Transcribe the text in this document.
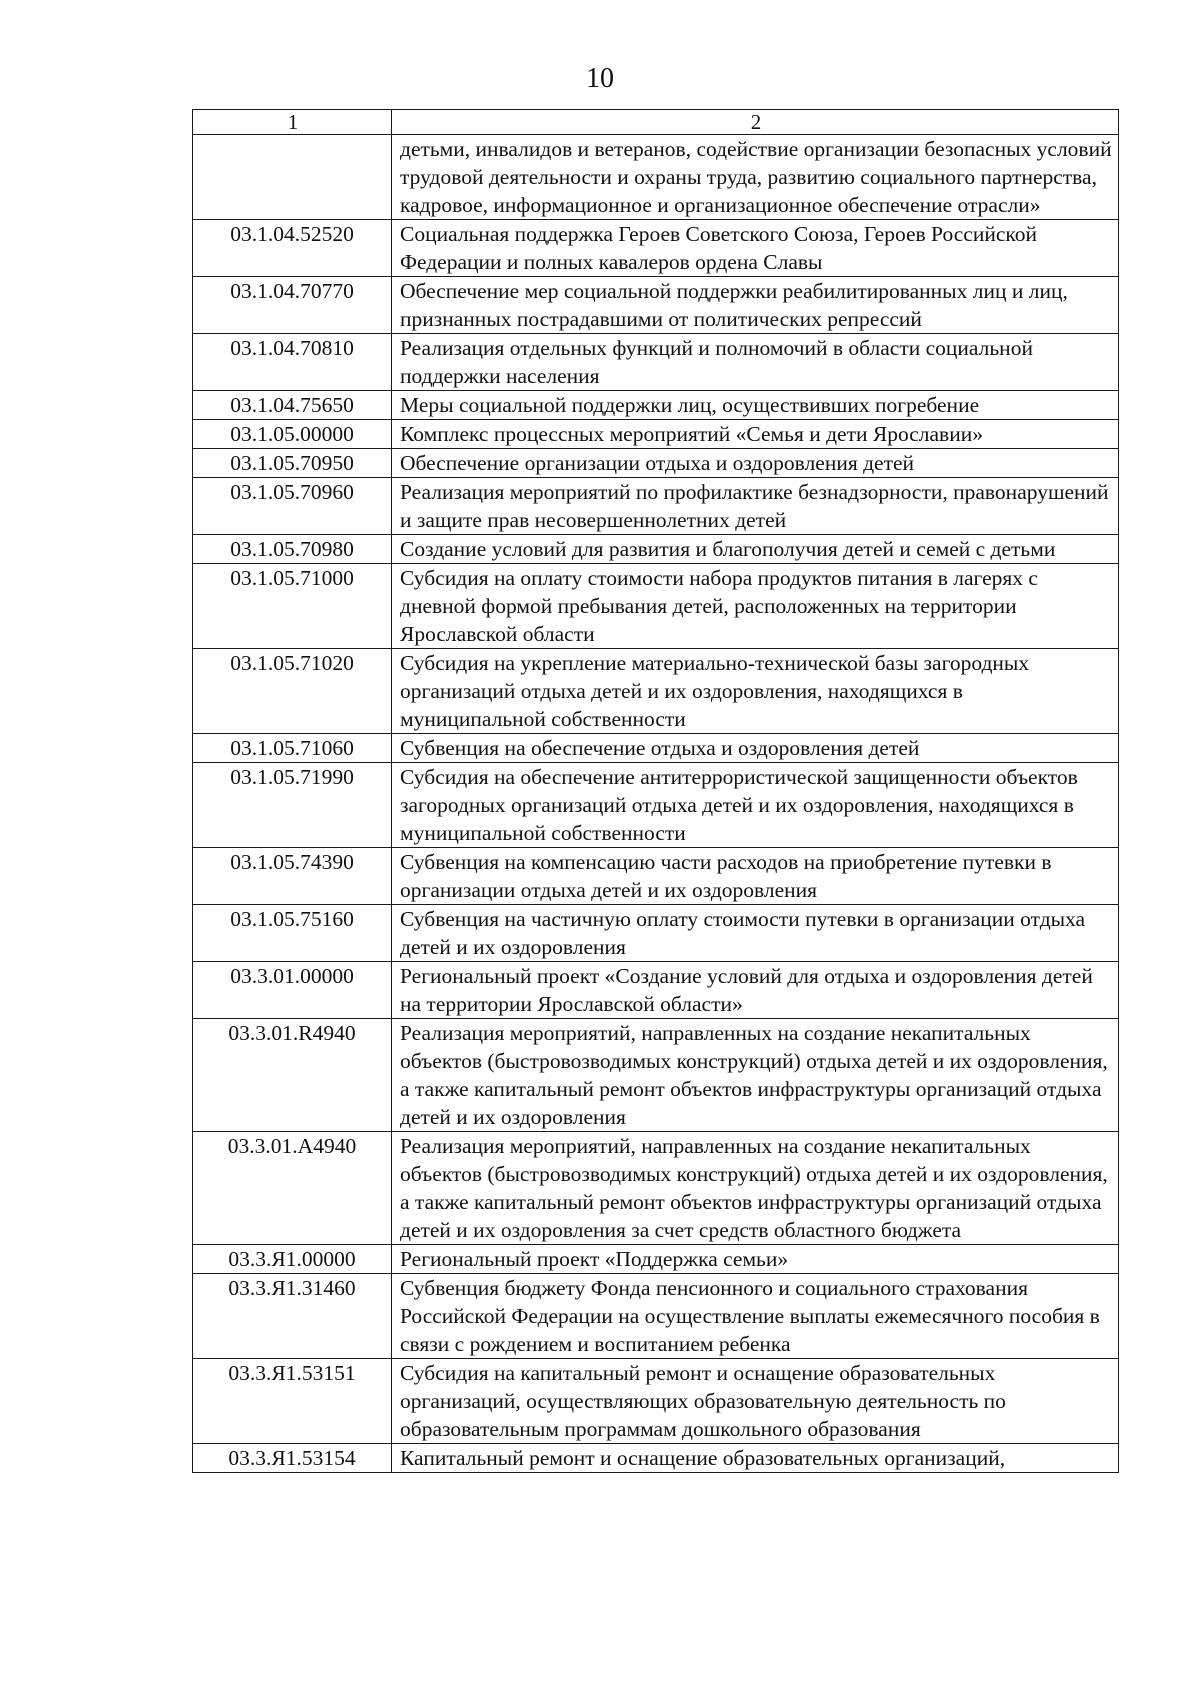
10
1	2
	детьми, инвалидов и ветеранов, содействие организации безопасных условий трудовой деятельности и охраны труда, развитию социального партнерства, кадровое, информационное и организационное обеспечение отрасли»
03.1.04.52520	Социальная поддержка Героев Советского Союза, Героев Российской Федерации и полных кавалеров ордена Славы
03.1.04.70770	Обеспечение мер социальной поддержки реабилитированных лиц и лиц, признанных пострадавшими от политических репрессий
03.1.04.70810	Реализация отдельных функций и полномочий в области социальной поддержки населения
03.1.04.75650	Меры социальной поддержки лиц, осуществивших погребение
03.1.05.00000	Комплекс процессных мероприятий «Семья и дети Ярославии»
03.1.05.70950	Обеспечение организации отдыха и оздоровления детей
03.1.05.70960	Реализация мероприятий по профилактике безнадзорности, правонарушений и защите прав несовершеннолетних детей
03.1.05.70980	Создание условий для развития и благополучия детей и семей с детьми
03.1.05.71000	Субсидия на оплату стоимости набора продуктов питания в лагерях с дневной формой пребывания детей, расположенных на территории Ярославской области
03.1.05.71020	Субсидия на укрепление материально-технической базы загородных организаций отдыха детей и их оздоровления, находящихся в муниципальной собственности
03.1.05.71060	Субвенция на обеспечение отдыха и оздоровления детей
03.1.05.71990	Субсидия на обеспечение антитеррористической защищенности объектов загородных организаций отдыха детей и их оздоровления, находящихся в муниципальной собственности
03.1.05.74390	Субвенция на компенсацию части расходов на приобретение путевки в организации отдыха детей и их оздоровления
03.1.05.75160	Субвенция на частичную оплату стоимости путевки в организации отдыха детей и их оздоровления
03.3.01.00000	Региональный проект «Создание условий для отдыха и оздоровления детей на территории Ярославской области»
03.3.01.R4940	Реализация мероприятий, направленных на создание некапитальных объектов (быстровозводимых конструкций) отдыха детей и их оздоровления, а также капитальный ремонт объектов инфраструктуры организаций отдыха детей и их оздоровления
03.3.01.A4940	Реализация мероприятий, направленных на создание некапитальных объектов (быстровозводимых конструкций) отдыха детей и их оздоровления, а также капитальный ремонт объектов инфраструктуры организаций отдыха детей и их оздоровления за счет средств областного бюджета
03.3.Я1.00000	Региональный проект «Поддержка семьи»
03.3.Я1.31460	Субвенция бюджету Фонда пенсионного и социального страхования Российской Федерации на осуществление выплаты ежемесячного пособия в связи с рождением и воспитанием ребенка
03.3.Я1.53151	Субсидия на капитальный ремонт и оснащение образовательных организаций, осуществляющих образовательную деятельность по образовательным программам дошкольного образования
03.3.Я1.53154	Капитальный ремонт и оснащение образовательных организаций,
